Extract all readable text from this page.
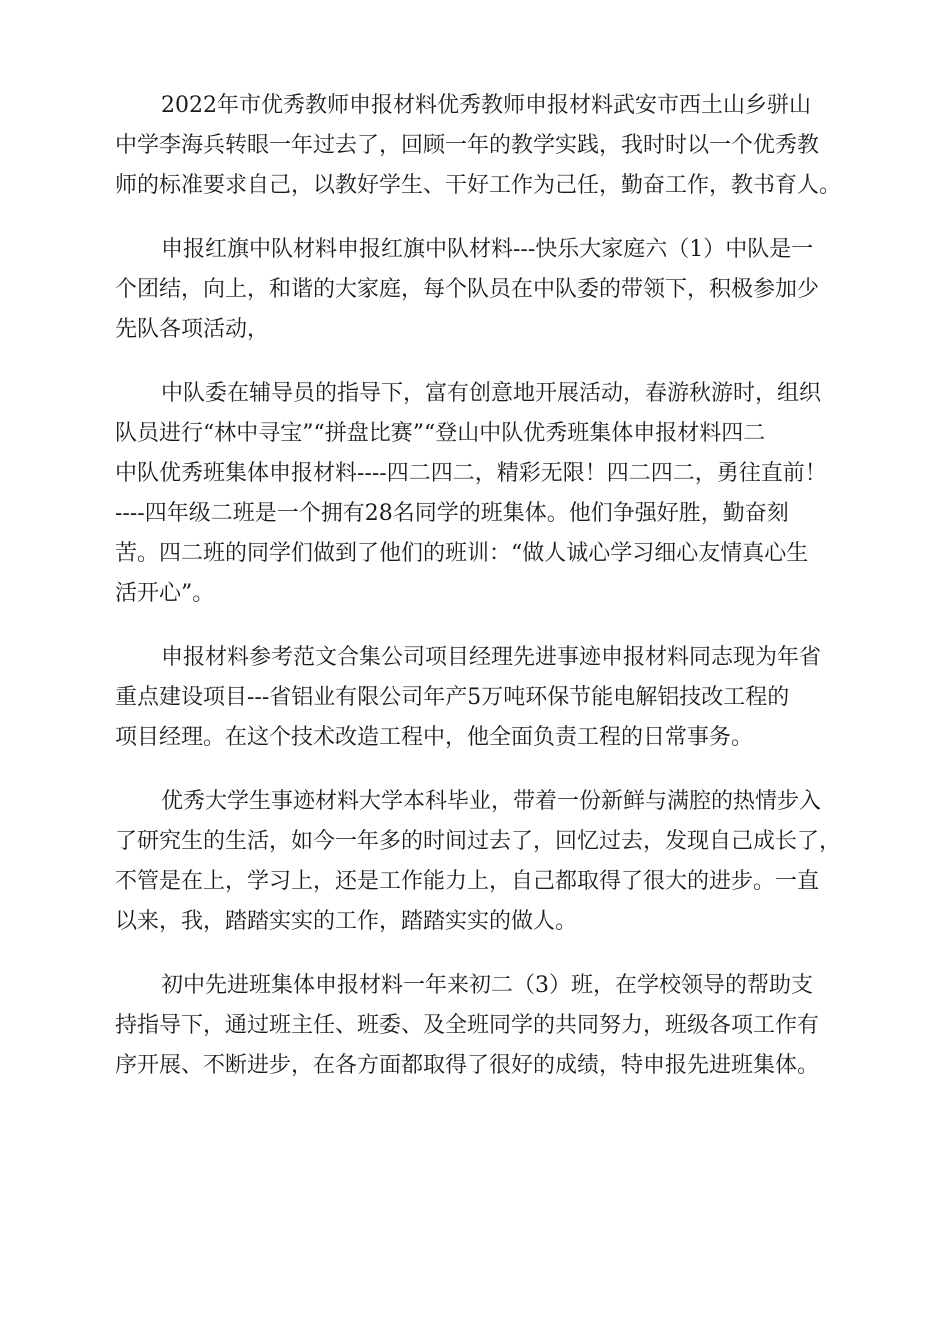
2022年市优秀教师申报材料优秀教师申报材料武安市西土山乡骈山
中学李海兵转眼一年过去了，回顾一年的教学实践，我时时以一个优秀教
师的标准要求自己，以教好学生、干好工作为己任，勤奋工作，教书育人。
申报红旗中队材料申报红旗中队材料---快乐大家庭六（1）中队是一
个团结，向上，和谐的大家庭，每个队员在中队委的带领下，积极参加少
先队各项活动，
中队委在辅导员的指导下，富有创意地开展活动，春游秋游时，组织
队员进行“林中寻宝”“拼盘比赛”“登山中队优秀班集体申报材料四二
中队优秀班集体申报材料----四二四二，精彩无限！四二四二，勇往直前！
----四年级二班是一个拥有28名同学的班集体。他们争强好胜，勤奋刻
苦。四二班的同学们做到了他们的班训：“做人诚心学习细心友情真心生
活开心”。
申报材料参考范文合集公司项目经理先进事迹申报材料同志现为年省
重点建设项目---省铝业有限公司年产5万吨环保节能电解铝技改工程的
项目经理。在这个技术改造工程中，他全面负责工程的日常事务。
优秀大学生事迹材料大学本科毕业，带着一份新鲜与满腔的热情步入
了研究生的生活，如今一年多的时间过去了，回忆过去，发现自己成长了，
不管是在上，学习上，还是工作能力上，自己都取得了很大的进步。一直
以来，我，踏踏实实的工作，踏踏实实的做人。
初中先进班集体申报材料一年来初二（3）班，在学校领导的帮助支
持指导下，通过班主任、班委、及全班同学的共同努力，班级各项工作有
序开展、不断进步，在各方面都取得了很好的成绩，特申报先进班集体。
